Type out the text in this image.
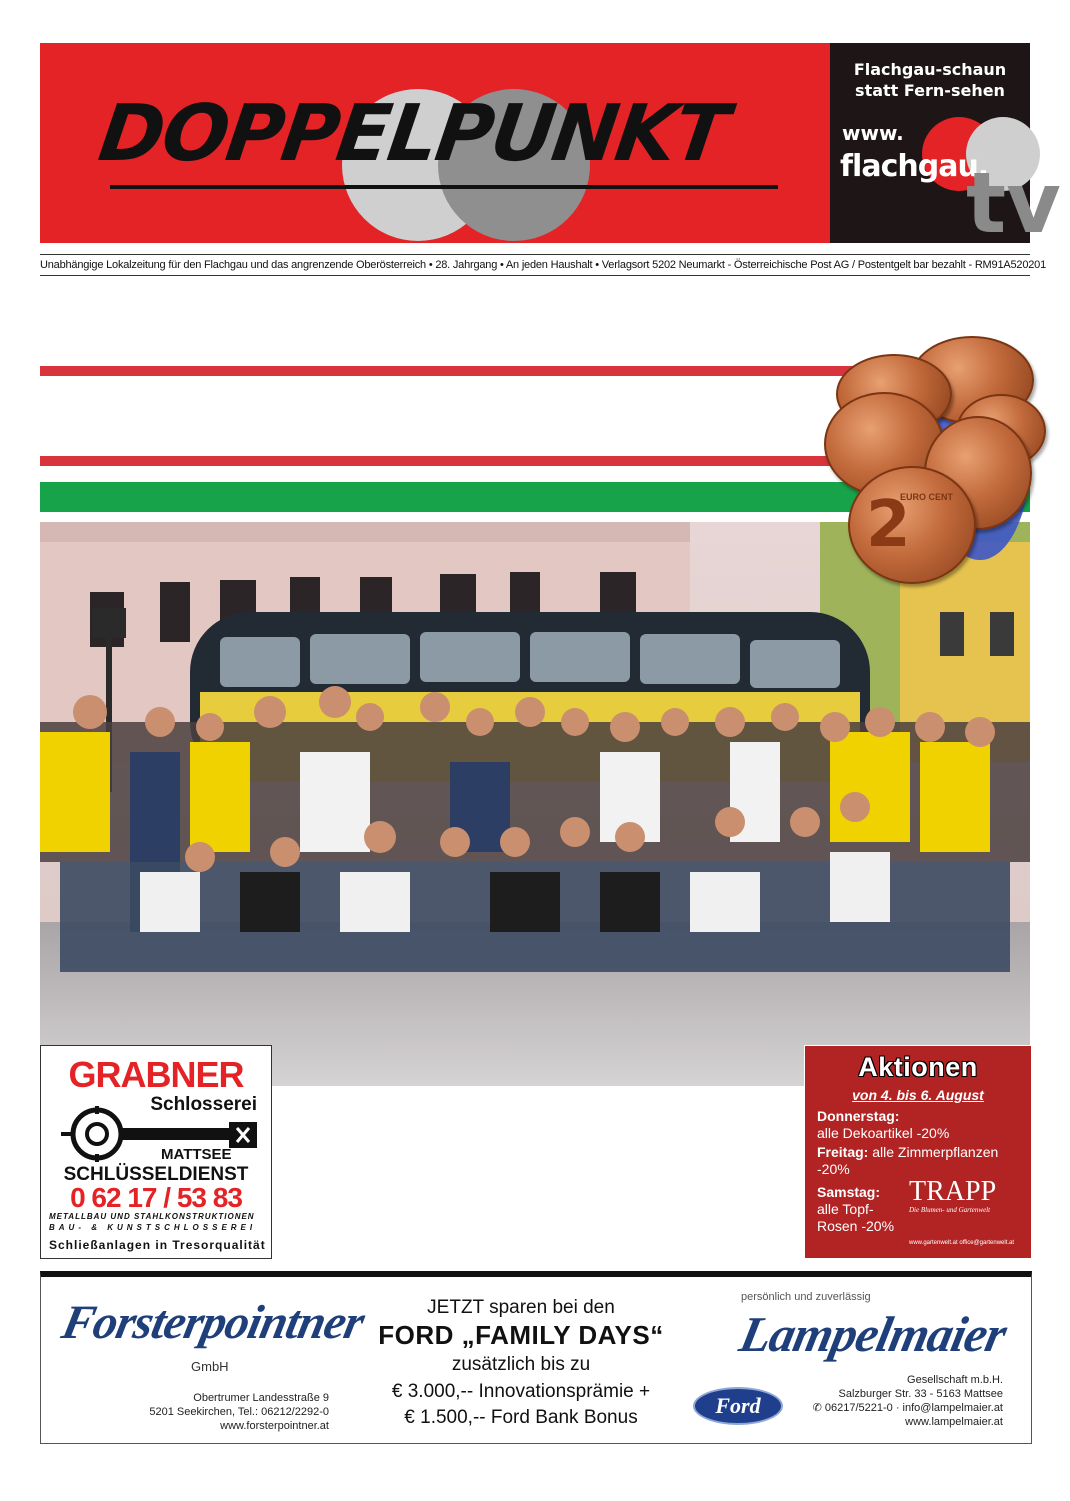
DOPPELPUNKT
Flachgau-schaun
statt Fern-sehen
www.
flachgau.
tv
Unabhängige Lokalzeitung für den Flachgau und das angrenzende Oberösterreich • 28. Jahrgang • An jeden Haushalt • Verlagsort 5202 Neumarkt - Österreichische Post AG / Postentgelt bar bezahlt - RM91A520201
2
EURO CENT
GRABNER
Schlosserei
MATTSEE
SCHLÜSSELDIENST
0 62 17 / 53 83
METALLBAU UND STAHLKONSTRUKTIONEN
BAU- & KUNSTSCHLOSSEREI
Schließanlagen in Tresorqualität
Aktionen
von 4. bis 6. August
Donnerstag:
alle Dekoartikel -20%
Freitag: alle Zimmerpflanzen -20%
Samstag:
alle Topf- Rosen -20%
TRAPP
Die Blumen- und Gartenwelt
www.gartenwelt.at office@gartenwelt.at
Forsterpointner
GmbH
Obertrumer Landesstraße 9
5201 Seekirchen, Tel.: 06212/2292-0
www.forsterpointner.at
JETZT sparen bei den
FORD „FAMILY DAYS“
zusätzlich bis zu
€ 3.000,-- Innovationsprämie +
€ 1.500,-- Ford Bank Bonus	Ford
persönlich und zuverlässig
Lampelmaier
Gesellschaft m.b.H.
Salzburger Str. 33 - 5163 Mattsee
✆ 06217/5221-0 · info@lampelmaier.at
www.lampelmaier.at
